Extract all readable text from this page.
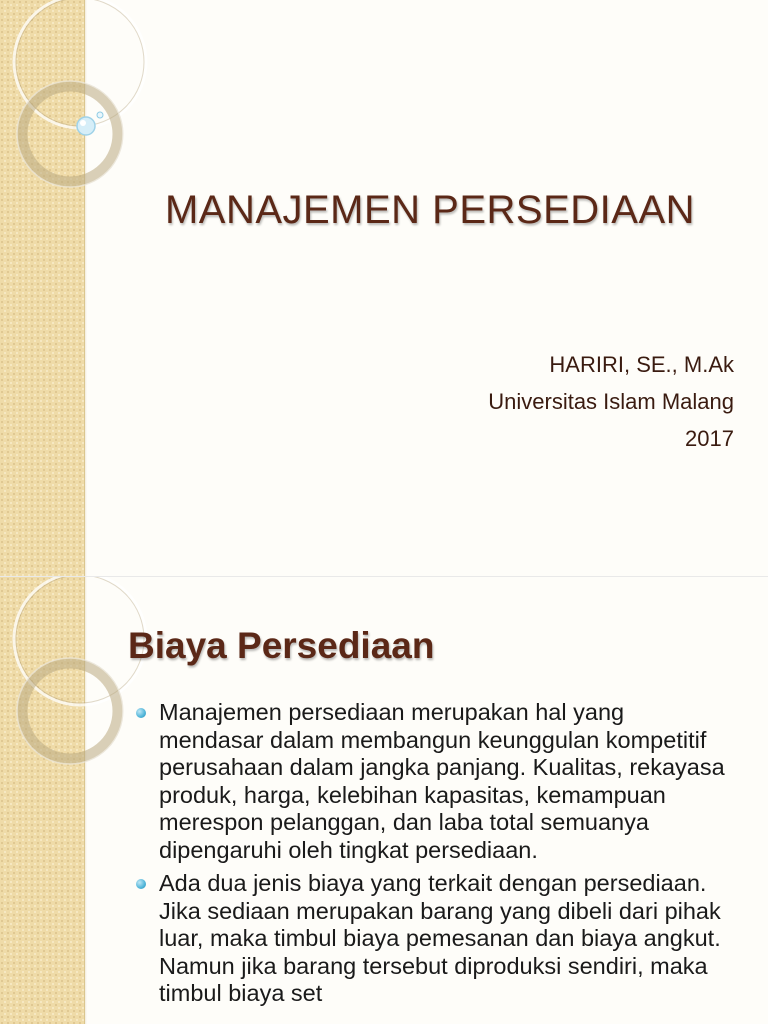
MANAJEMEN PERSEDIAAN
HARIRI, SE., M.Ak
Universitas Islam Malang
2017
Biaya Persediaan
Manajemen persediaan merupakan hal yang mendasar dalam membangun keunggulan kompetitif perusahaan dalam jangka panjang. Kualitas, rekayasa produk, harga, kelebihan kapasitas, kemampuan merespon pelanggan, dan laba total semuanya dipengaruhi oleh tingkat persediaan.
Ada dua jenis biaya yang terkait dengan persediaan. Jika sediaan merupakan barang yang dibeli dari pihak luar, maka timbul biaya pemesanan dan biaya angkut. Namun jika barang tersebut diproduksi sendiri, maka timbul biaya set
